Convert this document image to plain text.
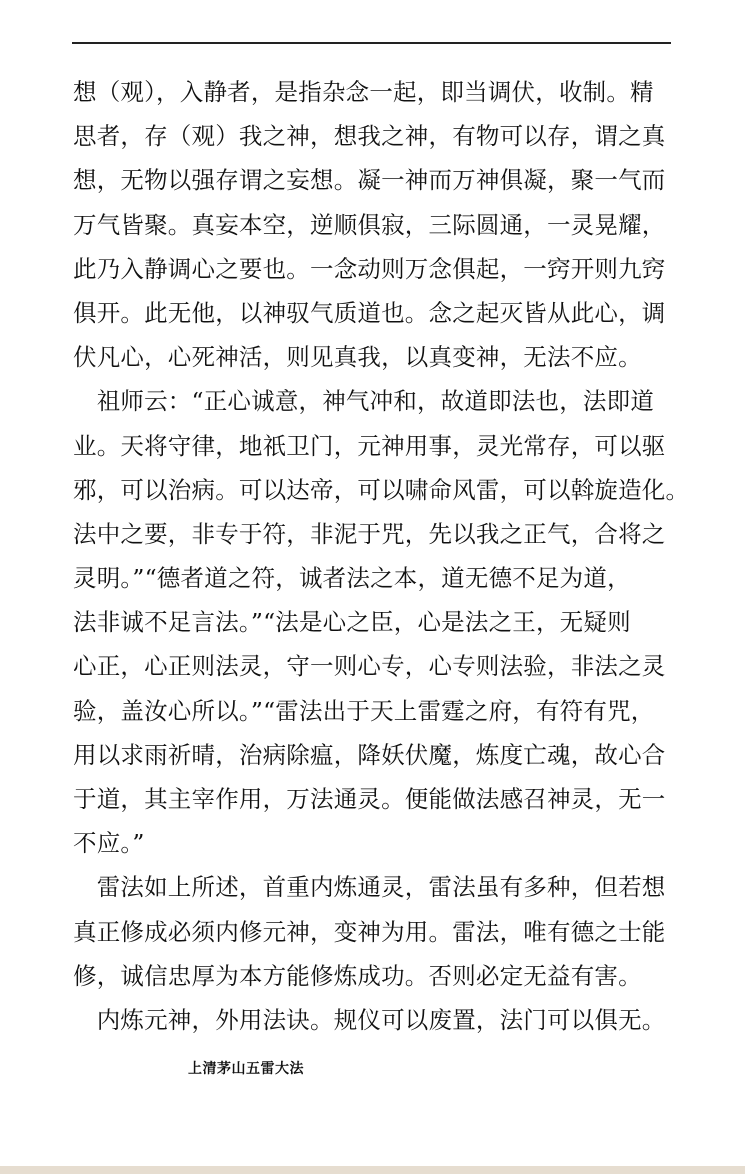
想（观），入静者，是指杂念一起，即当调伏，收制。精
思者，存（观）我之神，想我之神，有物可以存，谓之真
想，无物以强存谓之妄想。凝一神而万神俱凝，聚一气而
万气皆聚。真妄本空，逆顺俱寂，三际圆通，一灵晃耀，
此乃入静调心之要也。一念动则万念俱起，一窍开则九窍
俱开。此无他，以神驭气质道也。念之起灭皆从此心，调
伏凡心，心死神活，则见真我，以真变神，无法不应。

　祖师云：“正心诚意，神气冲和，故道即法也，法即道
业。天将守律，地祇卫门，元神用事，灵光常存，可以驱
邪，可以治病。可以达帝，可以啸命风雷，可以斡旋造化。
法中之要，非专于符，非泥于咒，先以我之正气，合将之
灵明。”“德者道之符，诚者法之本，道无德不足为道，
法非诚不足言法。”“法是心之臣，心是法之王，无疑则
心正，心正则法灵，守一则心专，心专则法验，非法之灵
验，盖汝心所以。”“雷法出于天上雷霆之府，有符有咒，
用以求雨祈晴，治病除瘟，降妖伏魔，炼度亡魂，故心合
于道，其主宰作用，万法通灵。便能做法感召神灵，无一
不应。”

　雷法如上所述，首重内炼通灵，雷法虽有多种，但若想
真正修成必须内修元神，变神为用。雷法，唯有德之士能
修，诚信忠厚为本方能修炼成功。否则必定无益有害。

　内炼元神，外用法诀。规仪可以废置，法门可以俱无。

上清茅山五雷大法
